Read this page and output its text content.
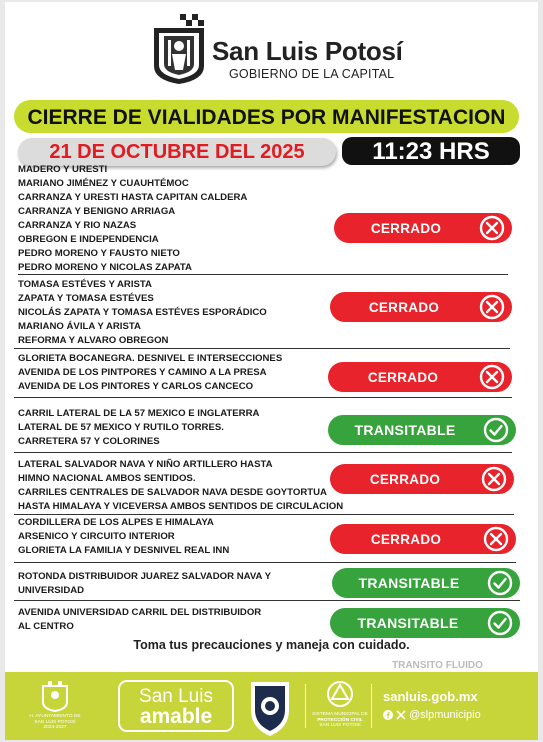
San Luis Potosí
GOBIERNO DE LA CAPITAL
CIERRE DE VIALIDADES POR MANIFESTACION
21 DE OCTUBRE DEL 2025	11:23 HRS
MADERO Y URESTI
MARIANO JIMÉNEZ Y CUAUHTÉMOC
CARRANZA Y URESTI HASTA CAPITAN CALDERA
CARRANZA Y BENIGNO ARRIAGA
CARRANZA Y RIO NAZAS
OBREGON E INDEPENDENCIA
PEDRO MORENO Y FAUSTO NIETO
PEDRO MORENO Y NICOLAS ZAPATA
CERRADO
TOMASA ESTÉVES Y ARISTA
ZAPATA Y TOMASA ESTÉVES
NICOLÁS ZAPATA Y TOMASA ESTÉVES ESPORÁDICO
MARIANO ÁVILA Y ARISTA
REFORMA Y ALVARO OBREGON
CERRADO
GLORIETA BOCANEGRA. DESNIVEL E INTERSECCIONES
AVENIDA DE LOS PINTPORES Y CAMINO A LA PRESA
AVENIDA DE LOS PINTORES Y CARLOS CANCECO
CERRADO
CARRIL LATERAL DE LA 57 MEXICO E INGLATERRA
LATERAL DE 57 MEXICO Y RUTILO TORRES.
CARRETERA 57 Y COLORINES
TRANSITABLE
LATERAL SALVADOR NAVA Y NIÑO ARTILLERO HASTA
HIMNO NACIONAL AMBOS SENTIDOS.
CARRILES CENTRALES DE SALVADOR NAVA DESDE GOYTORTUA
HASTA HIMALAYA Y VICEVERSA AMBOS SENTIDOS DE CIRCULACION
CERRADO
CORDILLERA DE LOS ALPES E HIMALAYA
ARSENICO Y CIRCUITO INTERIOR
GLORIETA LA FAMILIA Y DESNIVEL REAL INN
CERRADO
ROTONDA DISTRIBUIDOR JUAREZ SALVADOR NAVA Y
UNIVERSIDAD	TRANSITABLE
AVENIDA UNIVERSIDAD CARRIL DEL DISTRIBUIDOR
AL CENTRO	TRANSITABLE
Toma tus precauciones y maneja con cuidado.
TRANSITO FLUIDO
H. AYUNTAMIENTO DE
SAN LUIS POTOSÍ
2024-2027
San Luis
amable	SISTEMA MUNICIPAL DE
PROTECCIÓN CIVIL
SAN LUIS POTOSÍ
sanluis.gob.mx
@slpmunicipio
